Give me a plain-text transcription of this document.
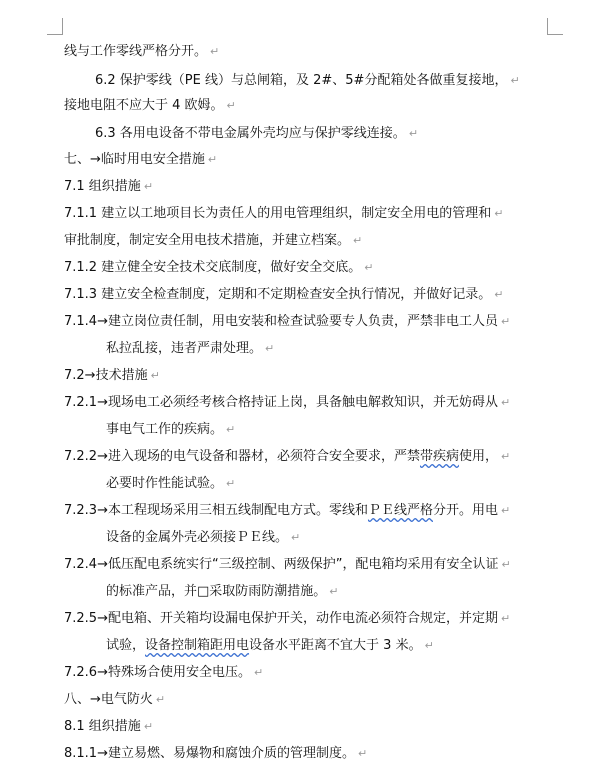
线与工作零线严格分开。 ↵
6.2 保护零线（PE 线）与总闸箱，及 2#、5#分配箱处各做重复接地， ↵
接地电阻不应大于 4 欧姆。 ↵
6.3 各用电设备不带电金属外壳均应与保护零线连接。 ↵
七、→临时用电安全措施 ↵
7.1 组织措施 ↵
7.1.1 建立以工地项目长为责任人的用电管理组织，制定安全用电的管理和 ↵
审批制度，制定安全用电技术措施，并建立档案。 ↵
7.1.2 建立健全安全技术交底制度，做好安全交底。 ↵
7.1.3 建立安全检查制度，定期和不定期检查安全执行情况，并做好记录。 ↵
7.1.4→建立岗位责任制，用电安装和检查试验要专人负责，严禁非电工人员 ↵
私拉乱接，违者严肃处理。 ↵
7.2→技术措施 ↵
7.2.1→现场电工必须经考核合格持证上岗，具备触电解救知识，并无妨碍从 ↵
事电气工作的疾病。 ↵
7.2.2→进入现场的电气设备和器材，必须符合安全要求，严禁带疾病使用， ↵
必要时作性能试验。 ↵
7.2.3→本工程现场采用三相五线制配电方式。零线和ＰＥ线严格分开。用电 ↵
设备的金属外壳必须接ＰＥ线。 ↵
7.2.4→低压配电系统实行“三级控制、两级保护”，配电箱均采用有安全认证 ↵
的标准产品，并□采取防雨防潮措施。 ↵
7.2.5→配电箱、开关箱均设漏电保护开关，动作电流必须符合规定，并定期 ↵
试验，设备控制箱距用电设备水平距离不宜大于 3 米。 ↵
7.2.6→特殊场合使用安全电压。 ↵
八、→电气防火 ↵
8.1 组织措施 ↵
8.1.1→建立易燃、易爆物和腐蚀介质的管理制度。 ↵
